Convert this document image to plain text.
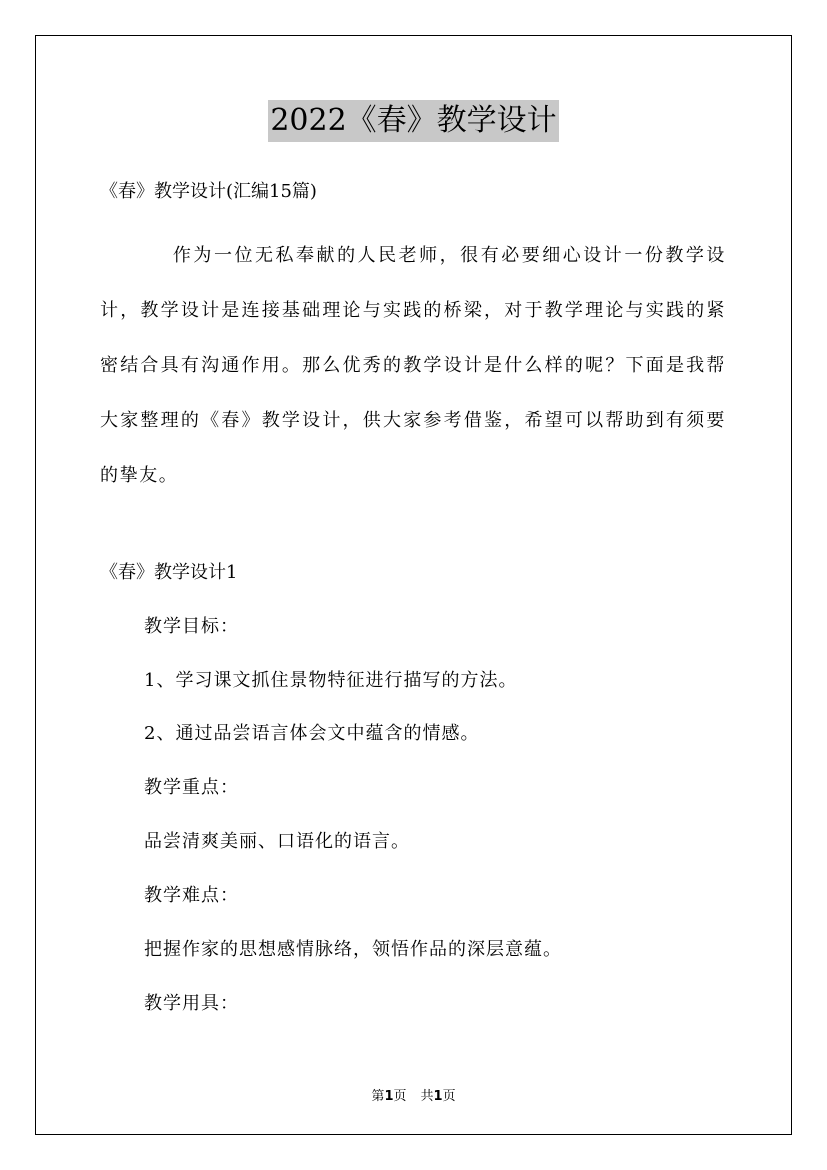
2022《春》教学设计
《春》教学设计(汇编15篇)
作为一位无私奉献的人民老师，很有必要细心设计一份教学设计，教学设计是连接基础理论与实践的桥梁，对于教学理论与实践的紧密结合具有沟通作用。那么优秀的教学设计是什么样的呢？下面是我帮大家整理的《春》教学设计，供大家参考借鉴，希望可以帮助到有须要的挚友。
《春》教学设计1
教学目标：
1、学习课文抓住景物特征进行描写的方法。
2、通过品尝语言体会文中蕴含的情感。
教学重点：
品尝清爽美丽、口语化的语言。
教学难点：
把握作家的思想感情脉络，领悟作品的深层意蕴。
教学用具：
第1页 共1页
